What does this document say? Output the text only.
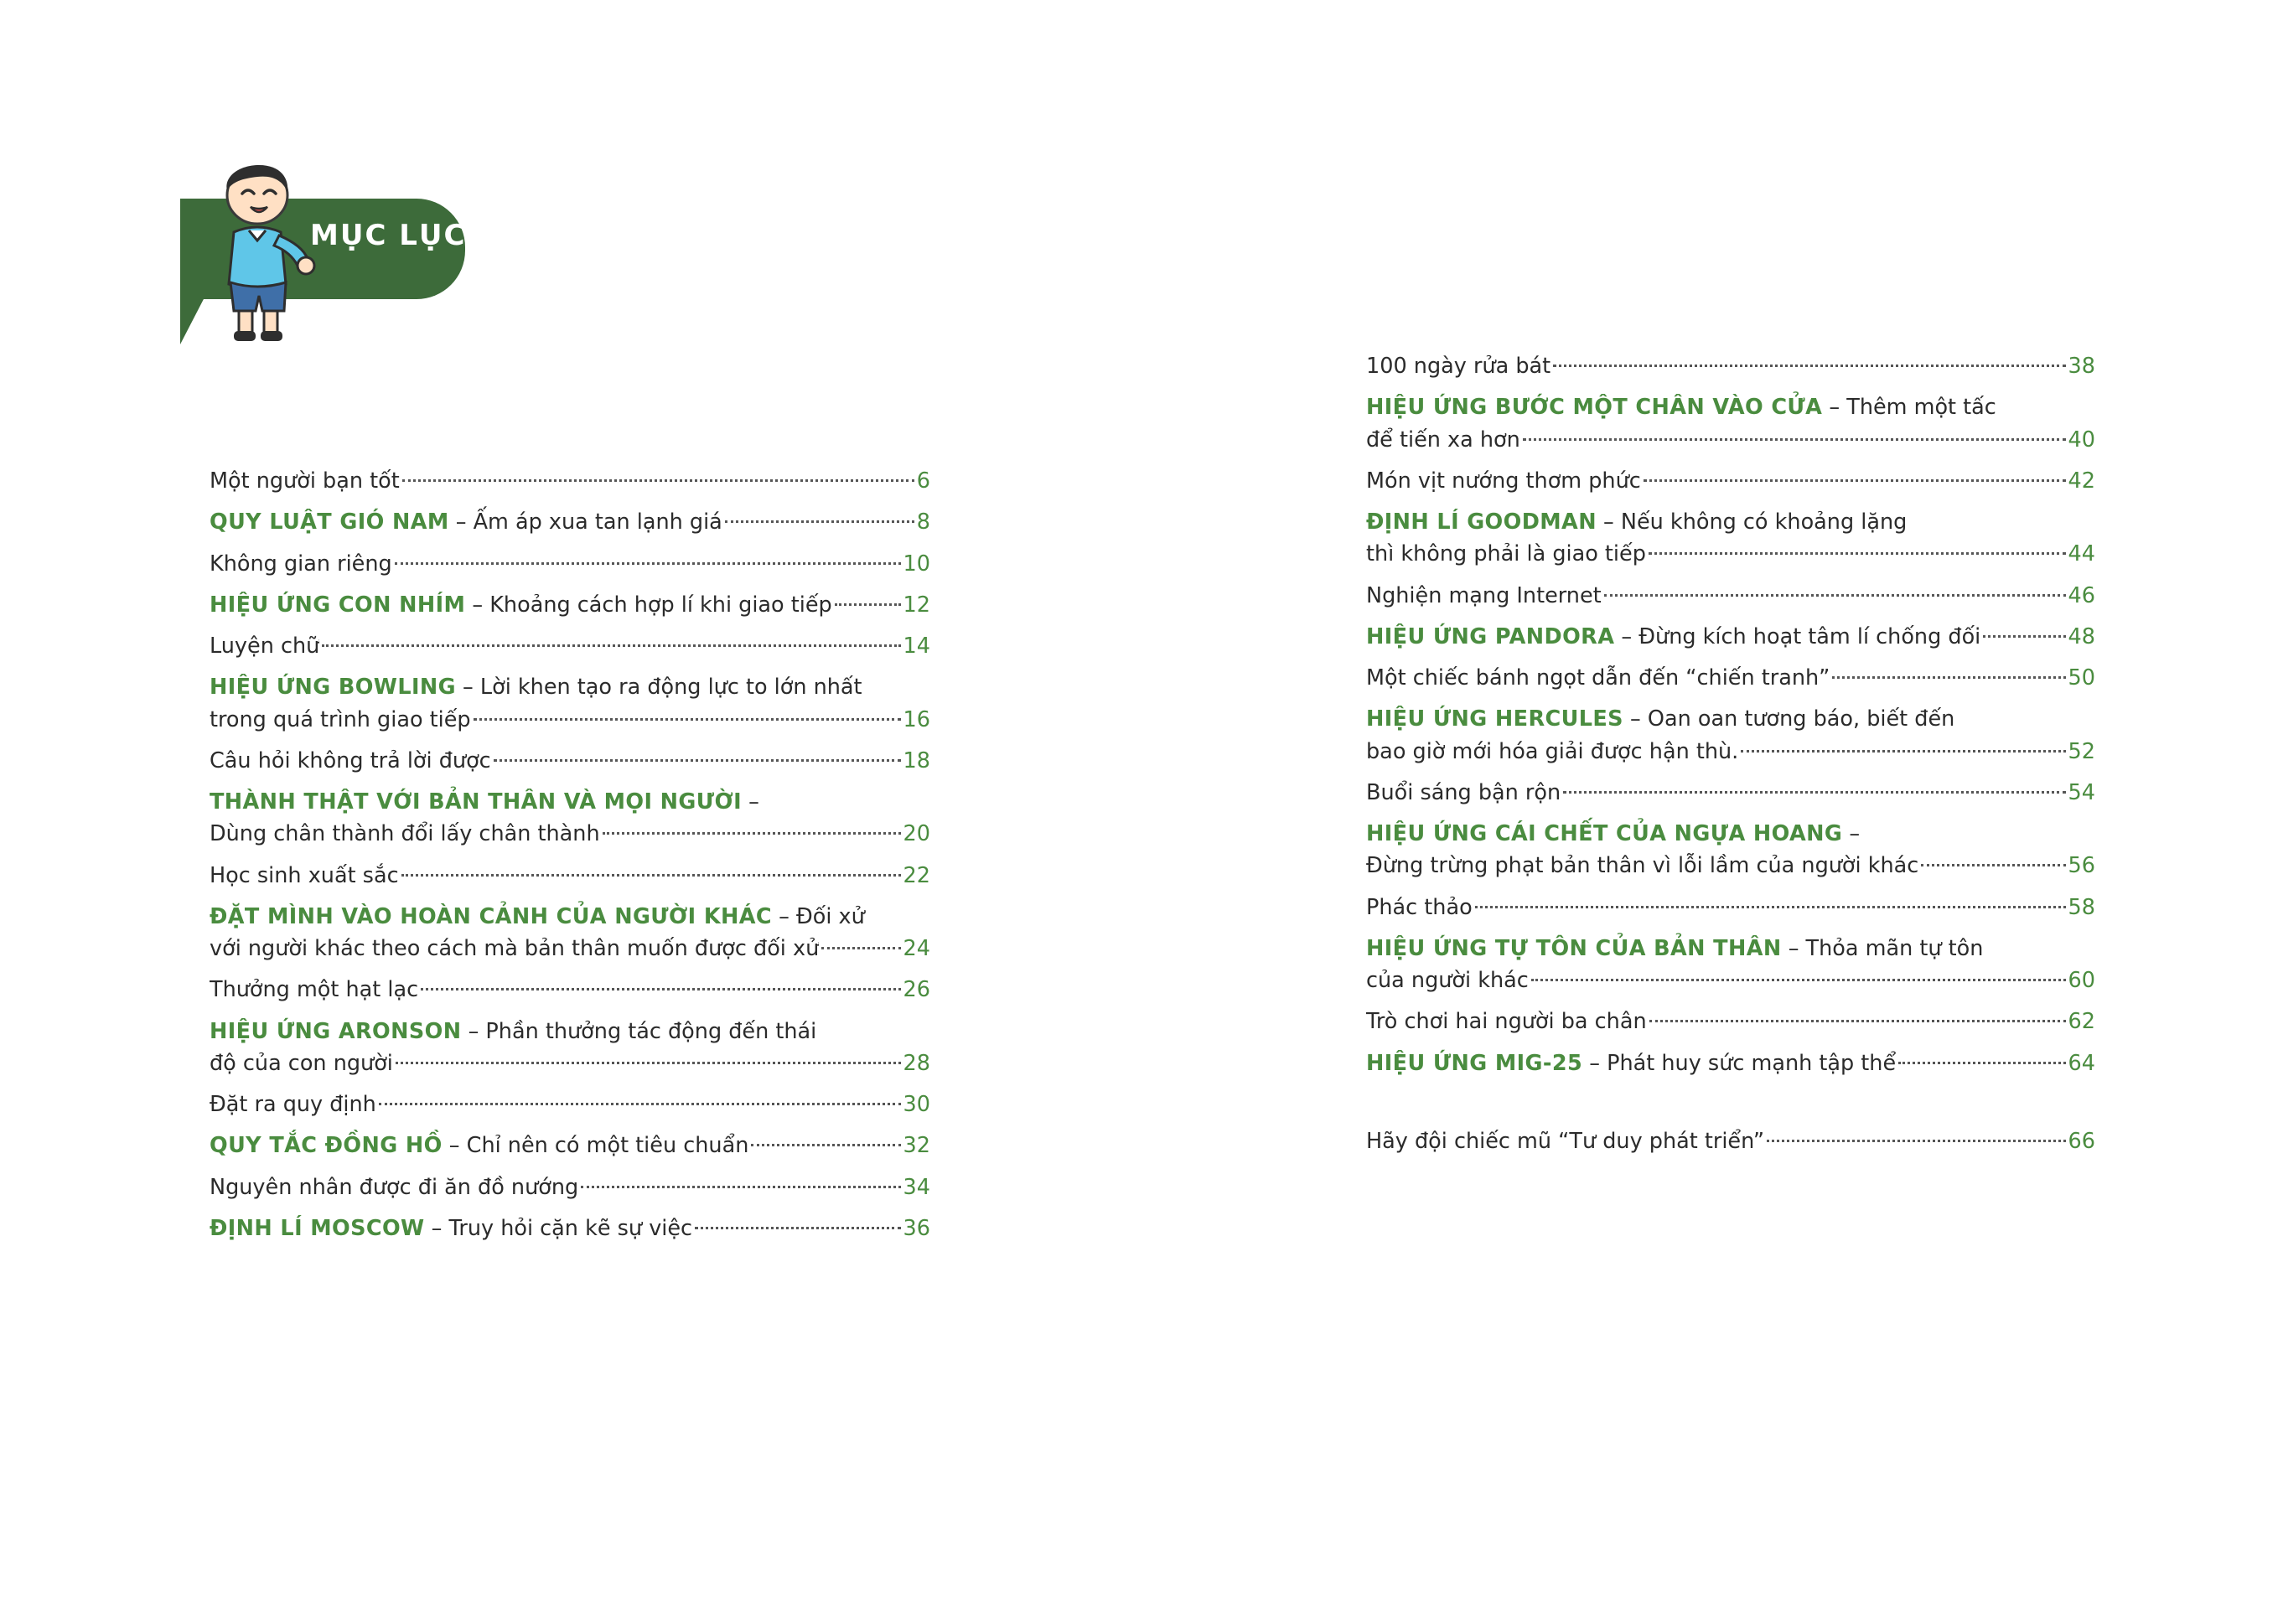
MỤC LỤC
Một người bạn tốt	6
QUY LUẬT GIÓ NAM – Ấm áp xua tan lạnh giá	8
Không gian riêng	10
HIỆU ỨNG CON NHÍM – Khoảng cách hợp lí khi giao tiếp	12
Luyện chữ	14
HIỆU ỨNG BOWLING – Lời khen tạo ra động lực to lớn nhất
trong quá trình giao tiếp	16
Câu hỏi không trả lời được	18
THÀNH THẬT VỚI BẢN THÂN VÀ MỌI NGƯỜI –
Dùng chân thành đổi lấy chân thành	20
Học sinh xuất sắc	22
ĐẶT MÌNH VÀO HOÀN CẢNH CỦA NGƯỜI KHÁC – Đối xử
với người khác theo cách mà bản thân muốn được đối xử	24
Thưởng một hạt lạc	26
HIỆU ỨNG ARONSON – Phần thưởng tác động đến thái
độ của con người	28
Đặt ra quy định	30
QUY TẮC ĐỒNG HỒ – Chỉ nên có một tiêu chuẩn	32
Nguyên nhân được đi ăn đồ nướng	34
ĐỊNH LÍ MOSCOW – Truy hỏi cặn kẽ sự việc	36
100 ngày rửa bát	38
HIỆU ỨNG BƯỚC MỘT CHÂN VÀO CỬA – Thêm một tấc
để tiến xa hơn	40
Món vịt nướng thơm phức	42
ĐỊNH LÍ GOODMAN – Nếu không có khoảng lặng
thì không phải là giao tiếp	44
Nghiện mạng Internet	46
HIỆU ỨNG PANDORA – Đừng kích hoạt tâm lí chống đối	48
Một chiếc bánh ngọt dẫn đến “chiến tranh”	50
HIỆU ỨNG HERCULES – Oan oan tương báo, biết đến
bao giờ mới hóa giải được hận thù.	52
Buổi sáng bận rộn	54
HIỆU ỨNG CÁI CHẾT CỦA NGỰA HOANG –
Đừng trừng phạt bản thân vì lỗi lầm của người khác	56
Phác thảo	58
HIỆU ỨNG TỰ TÔN CỦA BẢN THÂN – Thỏa mãn tự tôn
của người khác	60
Trò chơi hai người ba chân	62
HIỆU ỨNG MIG-25 – Phát huy sức mạnh tập thể	64
Hãy đội chiếc mũ “Tư duy phát triển”	66
